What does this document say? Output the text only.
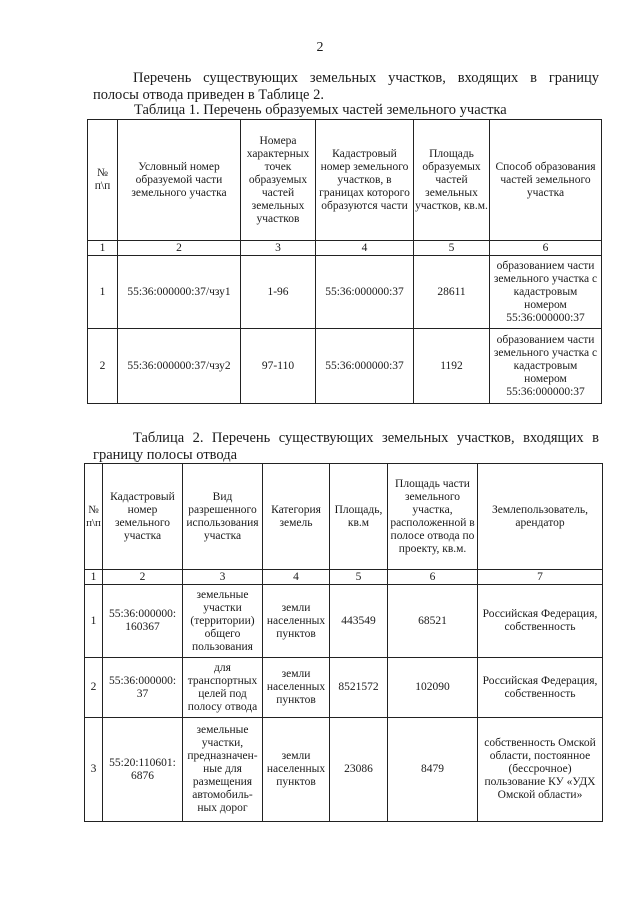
2

Перечень существующих земельных участков, входящих в границу
полосы отвода приведен в Таблице 2.

Таблица 1. Перечень образуемых частей земельного участка

№ п\п	Условный номер образуемой части земельного участка	Номера характерных точек образуемых частей земельных участков	Кадастровый номер земельного участков, в границах которого образуются части	Площадь образуемых частей земельных участков, кв.м.	Способ образования частей земельного участка
1	2	3	4	5	6
1	55:36:000000:37/чзу1	1-96	55:36:000000:37	28611	образованием части земельного участка с кадастровым номером 55:36:000000:37
2	55:36:000000:37/чзу2	97-110	55:36:000000:37	1192	образованием части земельного участка с кадастровым номером 55:36:000000:37

Таблица 2. Перечень существующих земельных участков, входящих в
границу полосы отвода

№ п\п	Кадастровый номер земельного участка	Вид разрешенного использования участка	Категория земель	Площадь, кв.м	Площадь части земельного участка, расположенной в полосе отвода по проекту, кв.м.	Землепользователь, арендатор
1	2	3	4	5	6	7
1	55:36:000000: 160367	земельные участки (территории) общего пользования	земли населенных пунктов	443549	68521	Российская Федерация, собственность
2	55:36:000000: 37	для транспортных целей под полосу отвода	земли населенных пунктов	8521572	102090	Российская Федерация, собственность
3	55:20:110601: 6876	земельные участки, предназначен-ные для размещения автомобиль-ных дорог	земли населенных пунктов	23086	8479	собственность Омской области, постоянное (бессрочное) пользование КУ «УДХ Омской области»
